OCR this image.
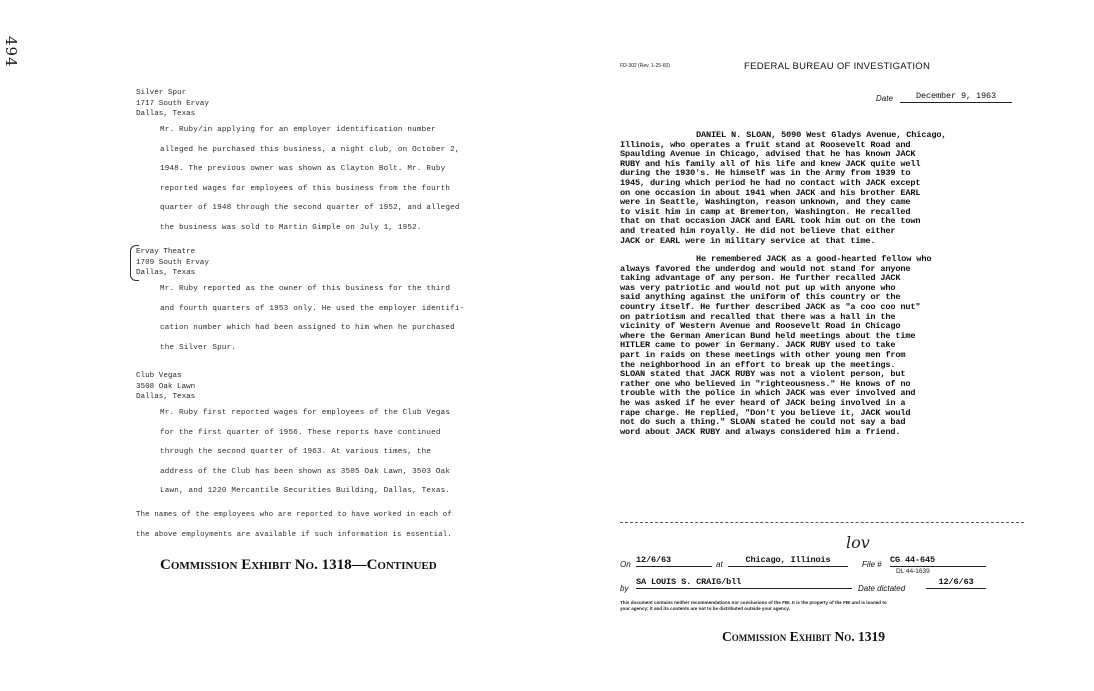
494
Silver Spur
1717 South Ervay
Dallas, Texas
Mr. Ruby/in applying for an employer identification number
alleged he purchased this business, a night club, on October 2,
1948. The previous owner was shown as Clayton Bolt. Mr. Ruby
reported wages for employees of this business from the fourth
quarter of 1948 through the second quarter of 1952, and alleged
the business was sold to Martin Gimple on July 1, 1952.
Ervay Theatre
1709 South Ervay
Dallas, Texas
Mr. Ruby reported as the owner of this business for the third
and fourth quarters of 1953 only. He used the employer identifi-
cation number which had been assigned to him when he purchased
the Silver Spur.
Club Vegas
3508 Oak Lawn
Dallas, Texas
Mr. Ruby first reported wages for employees of the Club Vegas
for the first quarter of 1956. These reports have continued
through the second quarter of 1963. At various times, the
address of the Club has been shown as 3505 Oak Lawn, 3503 Oak
Lawn, and 1220 Mercantile Securities Building, Dallas, Texas.
The names of the employees who are reported to have worked in each of
the above employments are available if such information is essential.
Commission Exhibit No. 1318—Continued
FD-302 (Rev. 1-25-60)	FEDERAL BUREAU OF INVESTIGATION
Date	December 9, 1963
DANIEL N. SLOAN, 5090 West Gladys Avenue, Chicago,
Illinois, who operates a fruit stand at Roosevelt Road and
Spaulding Avenue in Chicago, advised that he has known JACK
RUBY and his family all of his life and knew JACK quite well
during the 1930's. He himself was in the Army from 1939 to
1945, during which period he had no contact with JACK except
on one occasion in about 1941 when JACK and his brother EARL
were in Seattle, Washington, reason unknown, and they came
to visit him in camp at Bremerton, Washington. He recalled
that on that occasion JACK and EARL took him out on the town
and treated him royally. He did not believe that either
JACK or EARL were in military service at that time.
He remembered JACK as a good-hearted fellow who
always favored the underdog and would not stand for anyone
taking advantage of any person. He further recalled JACK
was very patriotic and would not put up with anyone who
said anything against the uniform of this country or the
country itself. He further described JACK as "a coo coo nut"
on patriotism and recalled that there was a hall in the
vicinity of Western Avenue and Roosevelt Road in Chicago
where the German American Bund held meetings about the time
HITLER came to power in Germany. JACK RUBY used to take
part in raids on these meetings with other young men from
the neighborhood in an effort to break up the meetings.
SLOAN stated that JACK RUBY was not a violent person, but
rather one who believed in "righteousness." He knows of no
trouble with the police in which JACK was ever involved and
he was asked if he ever heard of JACK being involved in a
rape charge. He replied, "Don't you believe it, JACK would
not do such a thing." SLOAN stated he could not say a bad
word about JACK RUBY and always considered him a friend.
lov
On 12/6/63	at	Chicago, Illinois	File # CG 44-645
DL 44-1639
by
SA LOUIS S. CRAIG/bll
Date dictated
12/6/63
This document contains neither recommendations nor conclusions of the FBI. It is the property of the FBI and is loaned to
your agency; it and its contents are not to be distributed outside your agency.
Commission Exhibit No. 1319
